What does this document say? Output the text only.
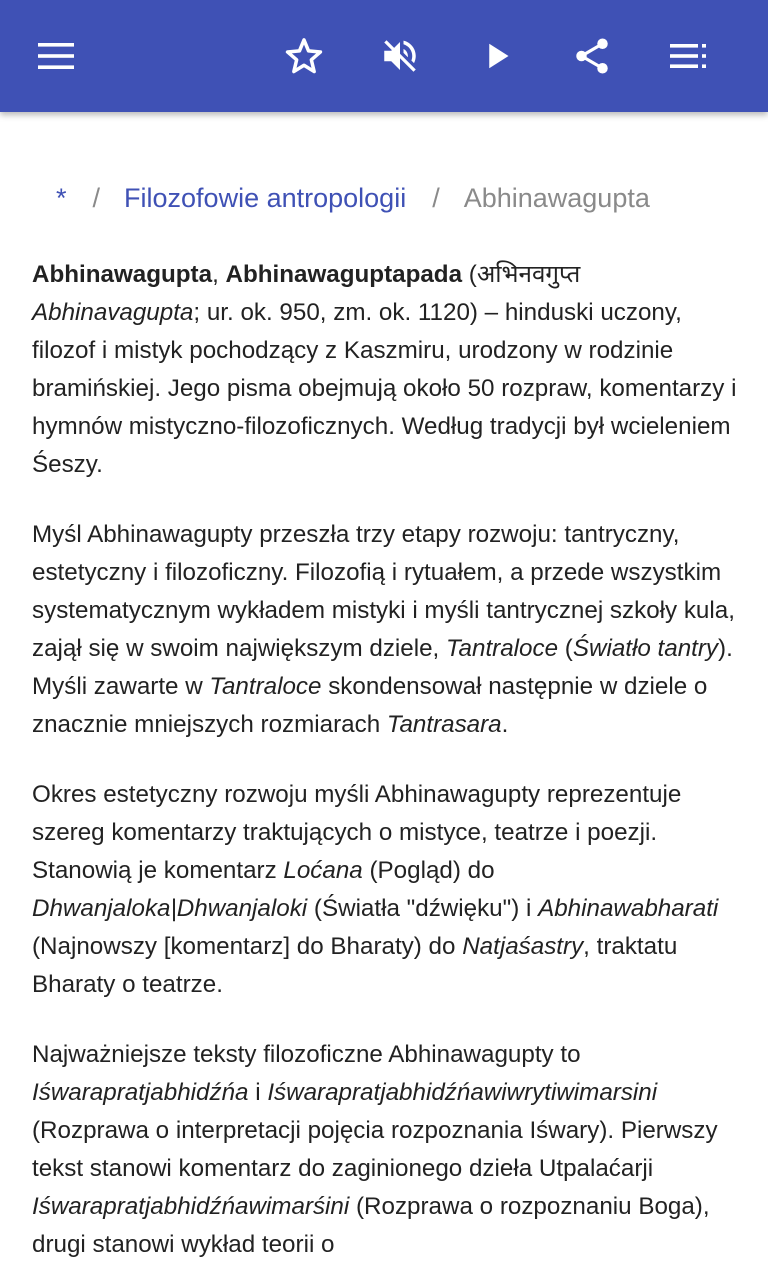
* / Filozofowie antropologii / Abhinawagupta

Abhinawagupta, Abhinawaguptapada (अभिनवगुप्त Abhinavagupta; ur. ok. 950, zm. ok. 1120) – hinduski uczony, filozof i mistyk pochodzący z Kaszmiru, urodzony w rodzinie bramińskiej. Jego pisma obejmują około 50 rozpraw, komentarzy i hymnów mistyczno-filozoficznych. Według tradycji był wcieleniem Śeszy.

Myśl Abhinawagupty przeszła trzy etapy rozwoju: tantryczny, estetyczny i filozoficzny. Filozofią i rytuałem, a przede wszystkim systematycznym wykładem mistyki i myśli tantrycznej szkoły kula, zajął się w swoim największym dziele, Tantraloce (Światło tantry). Myśli zawarte w Tantraloce skondensował następnie w dziele o znacznie mniejszych rozmiarach Tantrasara.

Okres estetyczny rozwoju myśli Abhinawagupty reprezentuje szereg komentarzy traktujących o mistyce, teatrze i poezji. Stanowią je komentarz Loćana (Pogląd) do Dhwanjaloka|Dhwanjaloki (Światła "dźwięku") i Abhinawabharati (Najnowszy [komentarz] do Bharaty) do Natjaśastry, traktatu Bharaty o teatrze.

Najważniejsze teksty filozoficzne Abhinawagupty to Iśwarapratjabhidźńa i Iśwarapratjabhidźńawiwrytiwimarsini (Rozprawa o interpretacji pojęcia rozpoznania Iśwary). Pierwszy tekst stanowi komentarz do zaginionego dzieła Utpalaćarji Iśwarapratjabhidźńawimarśini (Rozprawa o rozpoznaniu Boga), drugi stanowi wykład teorii o
